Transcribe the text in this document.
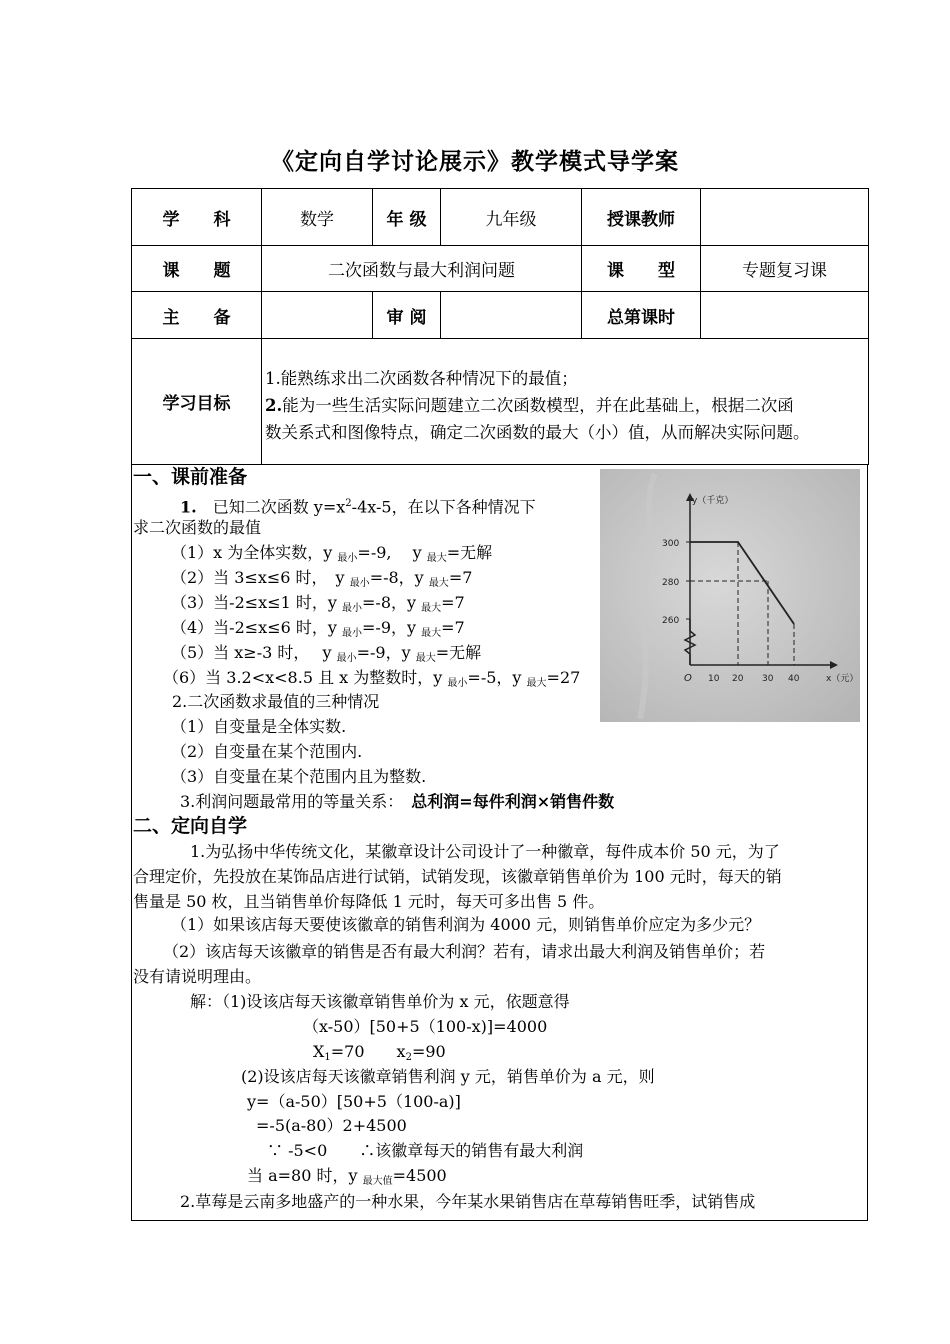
《定向自学讨论展示》教学模式导学案
学　　科	数学	年 级	九年级	授课教师	
课　　题	二次函数与最大利润问题			课　　型	专题复习课
主　　备		审 阅		总第课时	
学习目标	1.能熟练求出二次函数各种情况下的最值；
2.能为一些生活实际问题建立二次函数模型，并在此基础上，根据二次函
数关系式和图像特点，确定二次函数的最大（小）值，从而解决实际问题。				
一、课前准备
1.　 已知二次函数 $y=x^2-4x-5$，在以下各种情况下
求二次函数的最值
（1）x 为全体实数，y $_{最小}$=-9,　 y $_{最大}$=无解
（2）当 3≤x≤6 时，　y $_{最小}$=-8，y $_{最大}$=7
（3）当-2≤x≤1 时，y $_{最小}$=-8，y $_{最大}$=7
（4）当-2≤x≤6 时，y $_{最小}$=-9，y $_{最大}$=7
（5）当 x≥-3 时，　 y $_{最小}$=-9，y $_{最大}$=无解
（6）当 3.2<x<8.5 且 x 为整数时，y $_{最小}$=-5，y $_{最大}$=27
2.二次函数求最值的三种情况
（1）自变量是全体实数.
（2）自变量在某个范围内.
（3）自变量在某个范围内且为整数.
3.利润问题最常用的等量关系：　 总利润=每件利润×销售件数
二、定向自学
1.为弘扬中华传统文化，某徽章设计公司设计了一种徽章，每件成本价 50 元，为了
合理定价，先投放在某饰品店进行试销，试销发现，该徽章销售单价为 100 元时，每天的销
售量是 50 枚，且当销售单价每降低 1 元时，每天可多出售 5 件。
（1）如果该店每天要使该徽章的销售利润为 4000 元，则销售单价应定为多少元？
（2）该店每天该徽章的销售是否有最大利润？若有，请求出最大利润及销售单价；若
没有请说明理由。
解：（1)设该店每天该徽章销售单价为 x 元，依题意得
（x-50）[50+5（100-x)]=4000
$X_1=70$　　$x_2=90$
(2)设该店每天该徽章销售利润 y 元，销售单价为 a 元，则
y=（a-50）[50+5（100-a)]
=-5(a-80）2+4500
∵ -5<0　　∴该徽章每天的销售有最大利润
当 a=80 时，y $_{最大值}$=4500
2.草莓是云南多地盛产的一种水果，今年某水果销售店在草莓销售旺季，试销售成
y（千克）
300
280
260
O 10 20 30 40	x（元）
